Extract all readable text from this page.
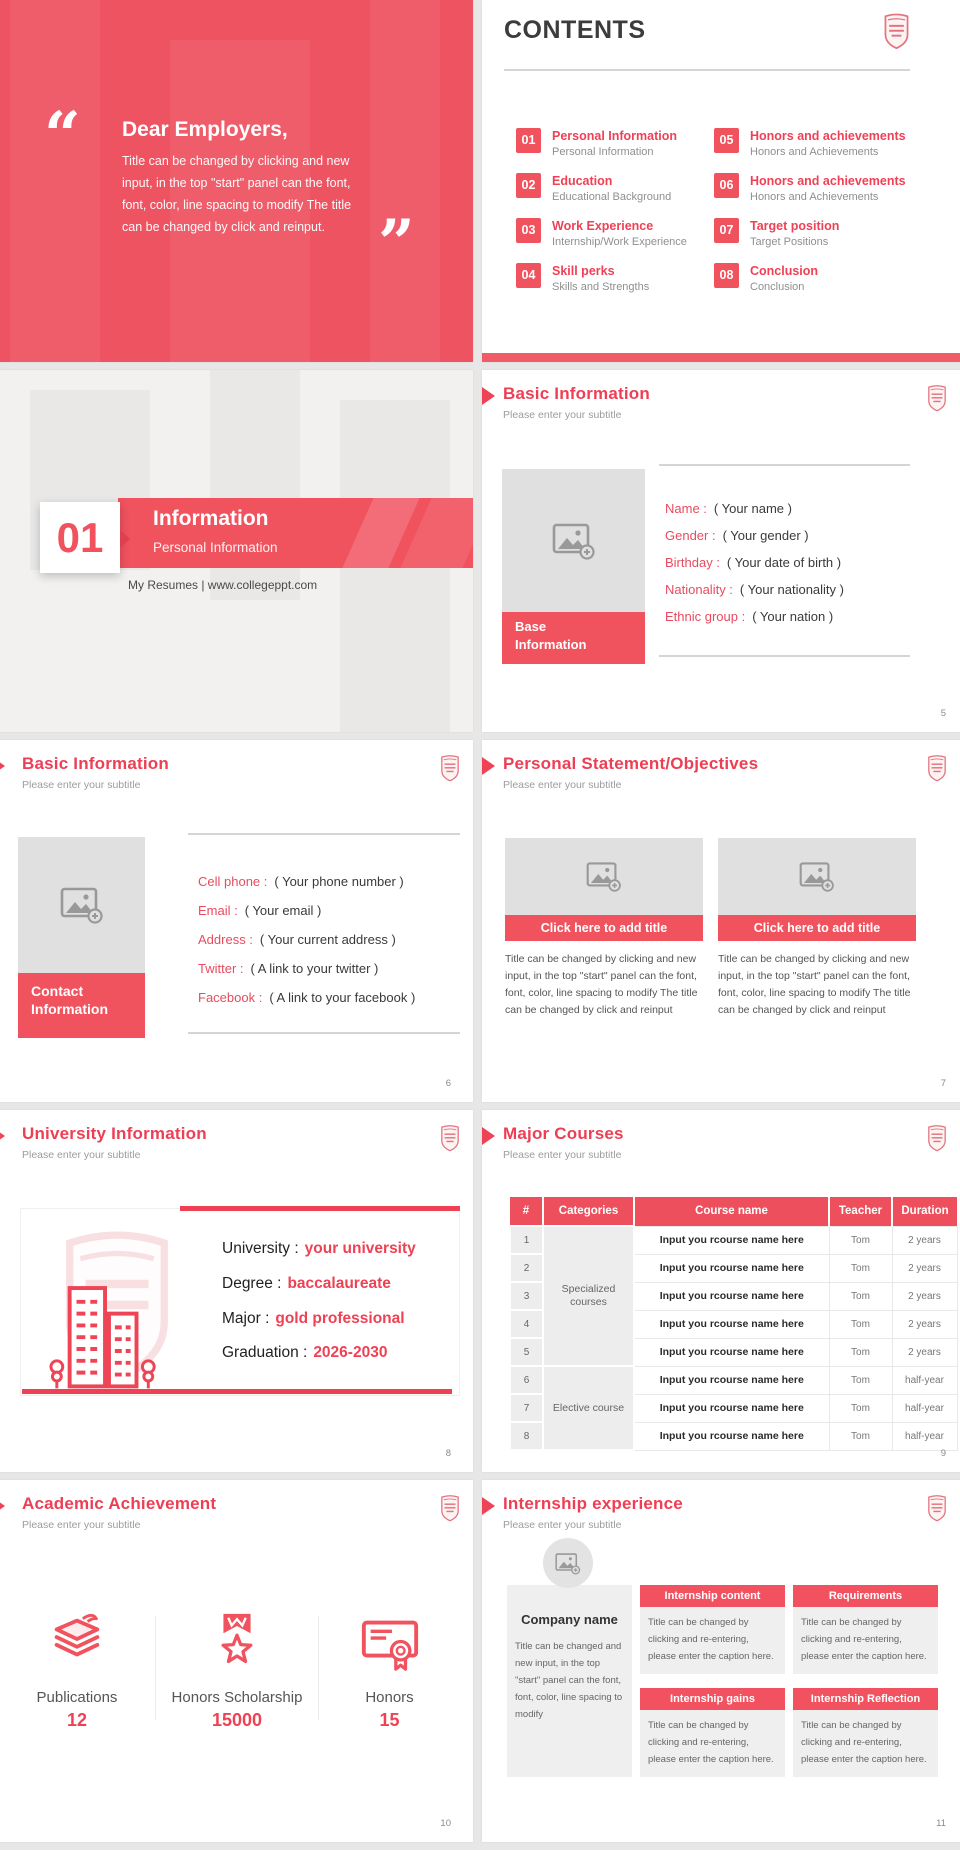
“ Dear Employers,
Title can be changed by clicking and new input, in the top "start" panel can the font, font, color, line spacing to modify The title can be changed by click and reinput. ”
CONTENTS
01	Personal Information
Personal Information
02	Education
Educational Background
03	Work Experience
Internship/Work Experience
04	Skill perks
Skills and Strengths
05	Honors and achievements
Honors and Achievements
06	Honors and achievements
Honors and Achievements
07	Target position
Target Positions
08	Conclusion
Conclusion
Information
Personal Information
01
My Resumes | www.collegeppt.com
Basic Information
Please enter your subtitle
Base
Information
Name : ( Your name )
Gender : ( Your gender )
Birthday : ( Your date of birth )
Nationality : ( Your nationality )
Ethnic group : ( Your nation )
5
Basic Information
Please enter your subtitle
Contact
Information
Cell phone : ( Your phone number )
Email : ( Your email )
Address : ( Your current address )
Twitter : ( A link to your twitter )
Facebook : ( A link to your facebook )
6
Personal Statement/Objectives
Please enter your subtitle
Click here to add title
Title can be changed by clicking and new input, in the top "start" panel can the font, font, color, line spacing to modify The title can be changed by click and reinput
Click here to add title
Title can be changed by clicking and new input, in the top "start" panel can the font, font, color, line spacing to modify The title can be changed by click and reinput
7
University Information
Please enter your subtitle
University : your university
Degree : baccalaureate
Major : gold professional
Graduation : 2026-2030
8
Major Courses
Please enter your subtitle
#	Categories	Course name	Teacher	Duration
1	Specialized courses	Input you rcourse name here	Tom	2 years
2		Input you rcourse name here	Tom	2 years
3		Input you rcourse name here	Tom	2 years
4		Input you rcourse name here	Tom	2 years
5		Input you rcourse name here	Tom	2 years
6	Elective course	Input you rcourse name here	Tom	half-year
7		Input you rcourse name here	Tom	half-year
8		Input you rcourse name here	Tom	half-year
9
Academic Achievement
Please enter your subtitle
Publications
12
Honors Scholarship
15000
Honors
15
10
Internship experience
Please enter your subtitle
Company name
Title can be changed and new input, in the top "start" panel can the font, font, color, line spacing to modify
Internship content
Title can be changed by clicking and re-entering, please enter the caption here.
Requirements
Title can be changed by clicking and re-entering, please enter the caption here.
Internship gains
Title can be changed by clicking and re-entering, please enter the caption here.
Internship Reflection
Title can be changed by clicking and re-entering, please enter the caption here.
11
